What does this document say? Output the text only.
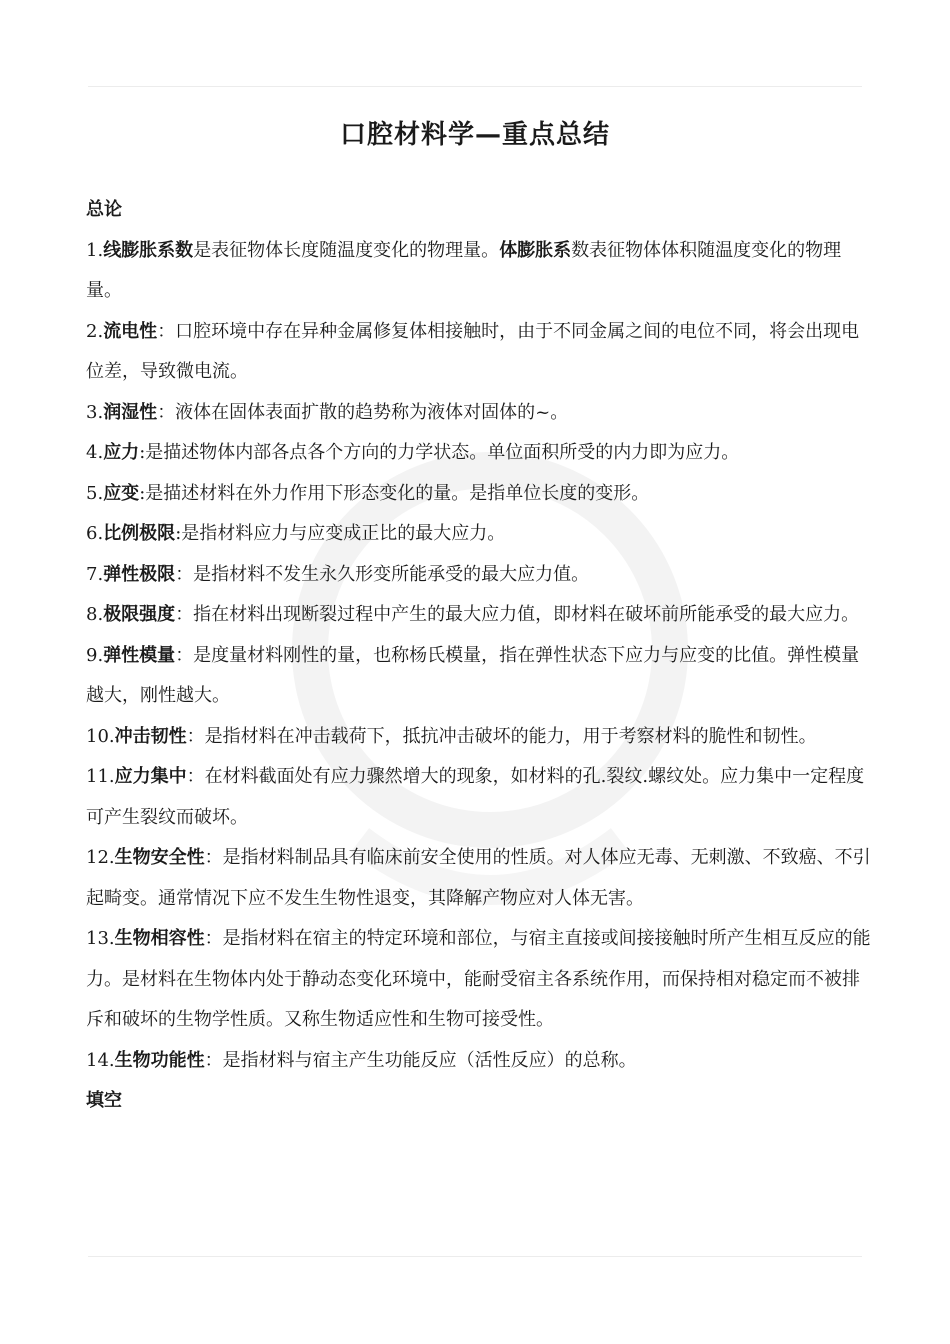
口腔材料学—重点总结

总论

1.线膨胀系数是表征物体长度随温度变化的物理量。体膨胀系数表征物体体积随温度变化的物理量。

2.流电性：口腔环境中存在异种金属修复体相接触时，由于不同金属之间的电位不同，将会出现电位差，导致微电流。

3.润湿性：液体在固体表面扩散的趋势称为液体对固体的~。

4.应力:是描述物体内部各点各个方向的力学状态。单位面积所受的内力即为应力。

5.应变:是描述材料在外力作用下形态变化的量。是指单位长度的变形。

6.比例极限:是指材料应力与应变成正比的最大应力。

7.弹性极限：是指材料不发生永久形变所能承受的最大应力值。

8.极限强度：指在材料出现断裂过程中产生的最大应力值，即材料在破坏前所能承受的最大应力。

9.弹性模量：是度量材料刚性的量，也称杨氏模量，指在弹性状态下应力与应变的比值。弹性模量越大，刚性越大。

10.冲击韧性：是指材料在冲击载荷下，抵抗冲击破坏的能力，用于考察材料的脆性和韧性。

11.应力集中：在材料截面处有应力骤然增大的现象，如材料的孔.裂纹.螺纹处。应力集中一定程度可产生裂纹而破坏。

12.生物安全性：是指材料制品具有临床前安全使用的性质。对人体应无毒、无刺激、不致癌、不引起畸变。通常情况下应不发生生物性退变，其降解产物应对人体无害。

13.生物相容性：是指材料在宿主的特定环境和部位，与宿主直接或间接接触时所产生相互反应的能力。是材料在生物体内处于静动态变化环境中，能耐受宿主各系统作用，而保持相对稳定而不被排斥和破坏的生物学性质。又称生物适应性和生物可接受性。

14.生物功能性：是指材料与宿主产生功能反应（活性反应）的总称。

填空
